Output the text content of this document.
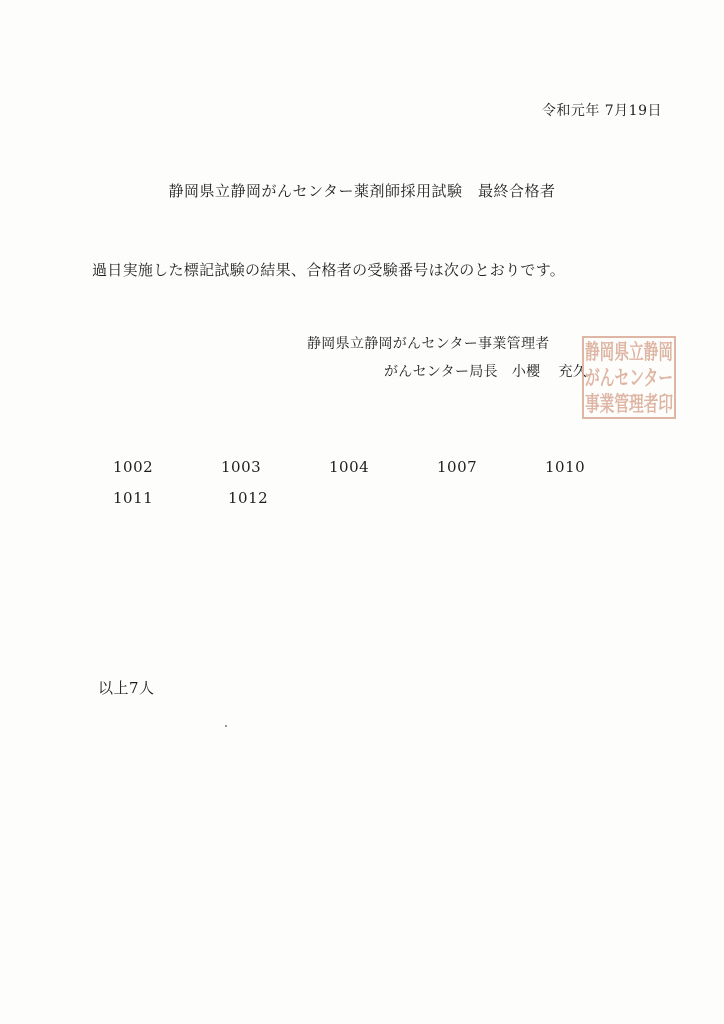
令和元年 7月19日
静岡県立静岡がんセンター薬剤師採用試験　最終合格者
過日実施した標記試験の結果、合格者の受験番号は次のとおりです。
静岡県立静岡がんセンター事業管理者
がんセンター局長 小櫻 充久
静岡県立静岡
がんセンター
事業管理者印
1002	1003	1004	1007	1010
1011	1012
以上7人
